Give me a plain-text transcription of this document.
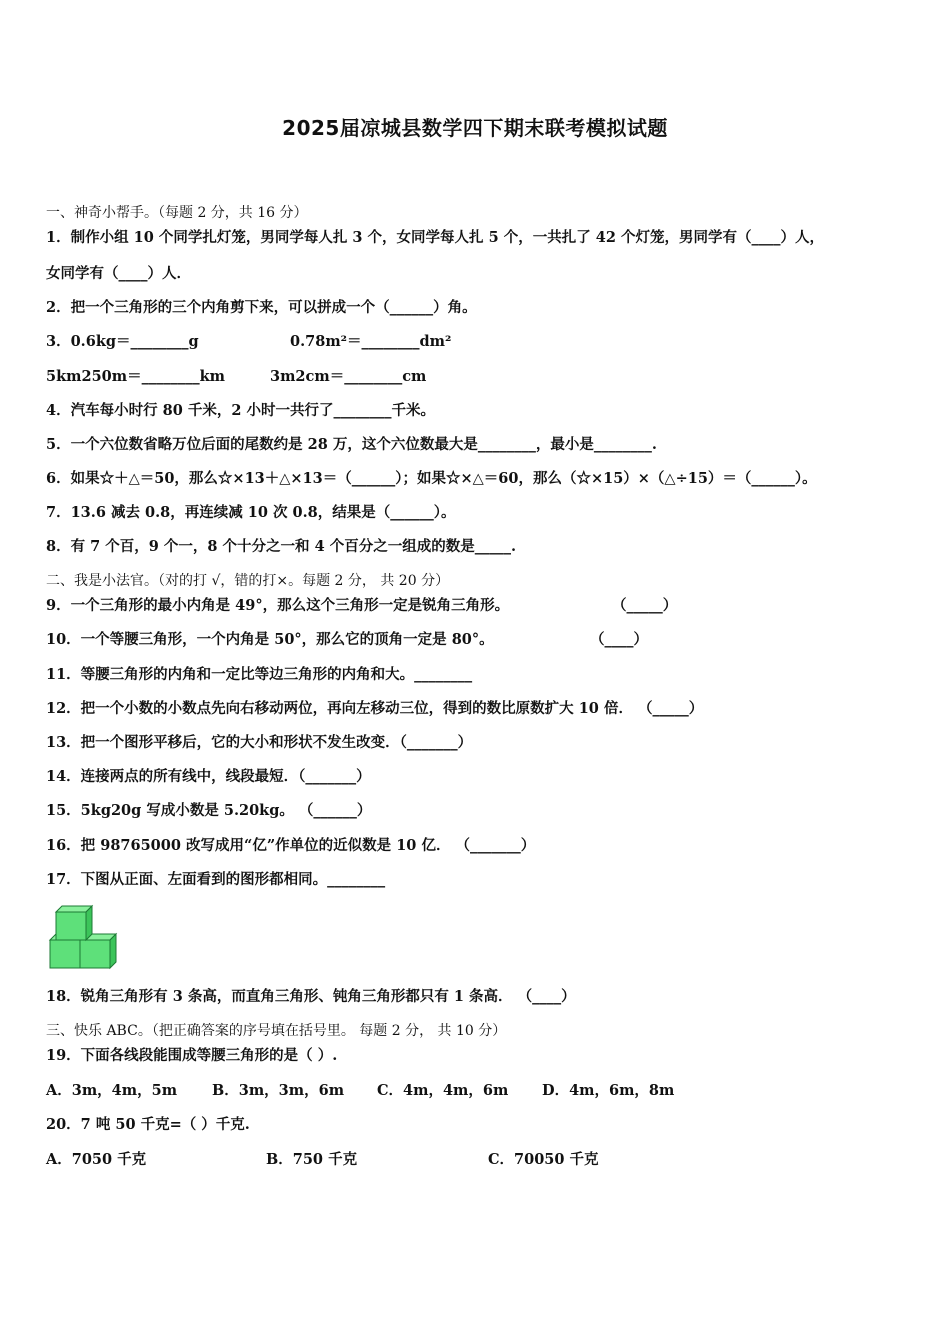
2025届凉城县数学四下期末联考模拟试题
一、神奇小帮手。（每题 2 分，共 16 分）
1．制作小组 10 个同学扎灯笼，男同学每人扎 3 个，女同学每人扎 5 个，一共扎了 42 个灯笼，男同学有（____）人，
女同学有（____）人．
2．把一个三角形的三个内角剪下来，可以拼成一个（______）角。
3．0.6kg＝________g	0.78m²＝________dm²
5km250m＝________km	3m2cm＝________cm
4．汽车每小时行 80 千米，2 小时一共行了________千米。
5．一个六位数省略万位后面的尾数约是 28 万，这个六位数最大是________，最小是________.
6．如果☆＋△＝50，那么☆×13＋△×13＝（______）；如果☆×△＝60，那么（☆×15）×（△÷15）＝（______）。
7．13.6 减去 0.8，再连续减 10 次 0.8，结果是（______）。
8．有 7 个百，9 个一，8 个十分之一和 4 个百分之一组成的数是_____.
二、我是小法官。（对的打 √，错的打×。每题 2 分， 共 20 分）
9．一个三角形的最小内角是 49°，那么这个三角形一定是锐角三角形。	（_____）
10．一个等腰三角形，一个内角是 50°，那么它的顶角一定是 80°。	（____）
11．等腰三角形的内角和一定比等边三角形的内角和大。________
12．把一个小数的小数点先向右移动两位，再向左移动三位，得到的数比原数扩大 10 倍． （_____）
13．把一个图形平移后，它的大小和形状不发生改变．（_______）
14．连接两点的所有线中，线段最短．（_______）
15．5kg20g 写成小数是 5.20kg。 （______）
16．把 98765000 改写成用“亿”作单位的近似数是 10 亿． （_______）
17．下图从正面、左面看到的图形都相同。________
18．锐角三角形有 3 条高，而直角三角形、钝角三角形都只有 1 条高． （____）
三、快乐 ABC。（把正确答案的序号填在括号里。 每题 2 分， 共 10 分）
19．下面各线段能围成等腰三角形的是（ ）.
A．3m，4m，5m B．3m，3m，6m C．4m，4m，6m D．4m，6m，8m
20．7 吨 50 千克=（ ）千克.
A．7050 千克	B．750 千克	C．70050 千克
